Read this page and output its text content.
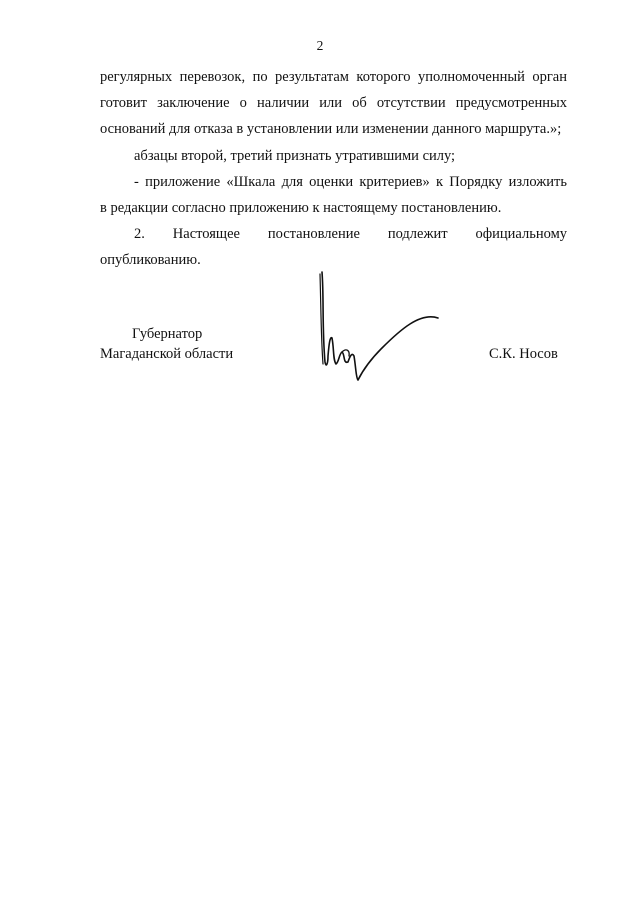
2

регулярных перевозок, по результатам которого уполномоченный орган

готовит заключение о наличии или об отсутствии предусмотренных

оснований для отказа в установлении или изменении данного маршрута.»;

абзацы второй, третий признать утратившими силу;

- приложение «Шкала для оценки критериев» к Порядку изложить

в редакции согласно приложению к настоящему постановлению.

2. Настоящее постановление подлежит официальному

опубликованию.

Губернатор
Магаданской области	С.К. Носов
